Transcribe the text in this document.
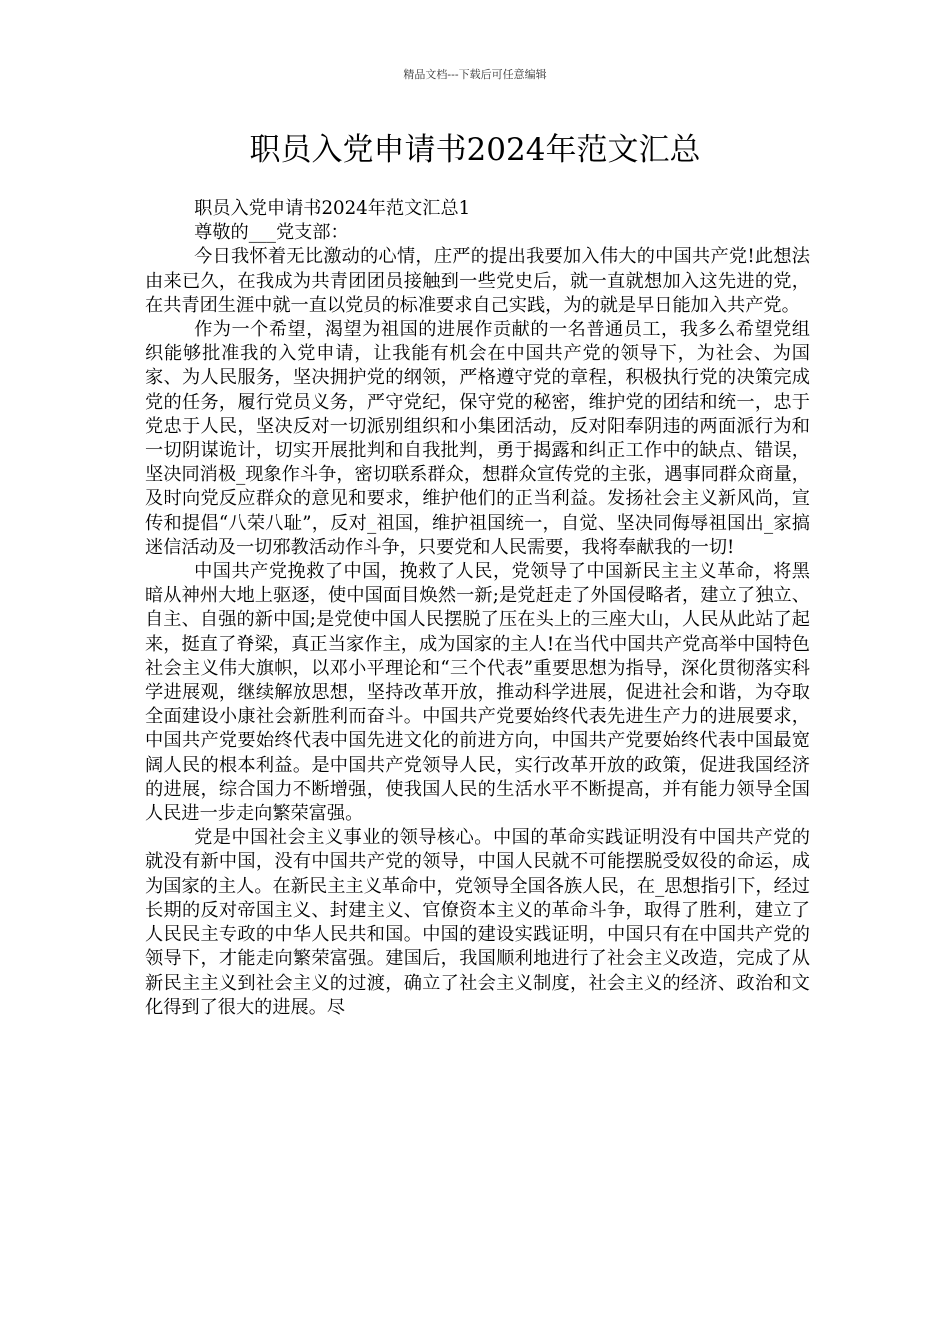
精品文档---下载后可任意编辑
职员入党申请书2024年范文汇总

职员入党申请书2024年范文汇总1

尊敬的___党支部：

今日我怀着无比激动的心情，庄严的提出我要加入伟大的中国共产党!此想法由来已久，在我成为共青团团员接触到一些党史后，就一直就想加入这先进的党，在共青团生涯中就一直以党员的标准要求自己实践，为的就是早日能加入共产党。

作为一个希望，渴望为祖国的进展作贡献的一名普通员工，我多么希望党组织能够批准我的入党申请，让我能有机会在中国共产党的领导下，为社会、为国家、为人民服务，坚决拥护党的纲领，严格遵守党的章程，积极执行党的决策完成党的任务，履行党员义务，严守党纪，保守党的秘密，维护党的团结和统一，忠于党忠于人民，坚决反对一切派别组织和小集团活动，反对阳奉阴违的两面派行为和一切阴谋诡计，切实开展批判和自我批判，勇于揭露和纠正工作中的缺点、错误，坚决同消极_现象作斗争，密切联系群众，想群众宣传党的主张，遇事同群众商量，及时向党反应群众的意见和要求，维护他们的正当利益。发扬社会主义新风尚，宣传和提倡“八荣八耻”，反对_祖国，维护祖国统一，自觉、坚决同侮辱祖国出_家搞迷信活动及一切邪教活动作斗争，只要党和人民需要，我将奉献我的一切!

中国共产党挽救了中国，挽救了人民，党领导了中国新民主主义革命，将黑暗从神州大地上驱逐，使中国面目焕然一新;是党赶走了外国侵略者，建立了独立、自主、自强的新中国;是党使中国人民摆脱了压在头上的三座大山，人民从此站了起来，挺直了脊梁，真正当家作主，成为国家的主人!在当代中国共产党高举中国特色社会主义伟大旗帜，以邓小平理论和“三个代表”重要思想为指导，深化贯彻落实科学进展观，继续解放思想，坚持改革开放，推动科学进展，促进社会和谐，为夺取全面建设小康社会新胜利而奋斗。中国共产党要始终代表先进生产力的进展要求，中国共产党要始终代表中国先进文化的前进方向，中国共产党要始终代表中国最宽阔人民的根本利益。是中国共产党领导人民，实行改革开放的政策，促进我国经济的进展，综合国力不断增强，使我国人民的生活水平不断提高，并有能力领导全国人民进一步走向繁荣富强。

党是中国社会主义事业的领导核心。中国的革命实践证明没有中国共产党的就没有新中国，没有中国共产党的领导，中国人民就不可能摆脱受奴役的命运，成为国家的主人。在新民主主义革命中，党领导全国各族人民，在_思想指引下，经过长期的反对帝国主义、封建主义、官僚资本主义的革命斗争，取得了胜利，建立了人民民主专政的中华人民共和国。中国的建设实践证明，中国只有在中国共产党的领导下，才能走向繁荣富强。建国后，我国顺利地进行了社会主义改造，完成了从新民主主义到社会主义的过渡，确立了社会主义制度，社会主义的经济、政治和文化得到了很大的进展。尽
